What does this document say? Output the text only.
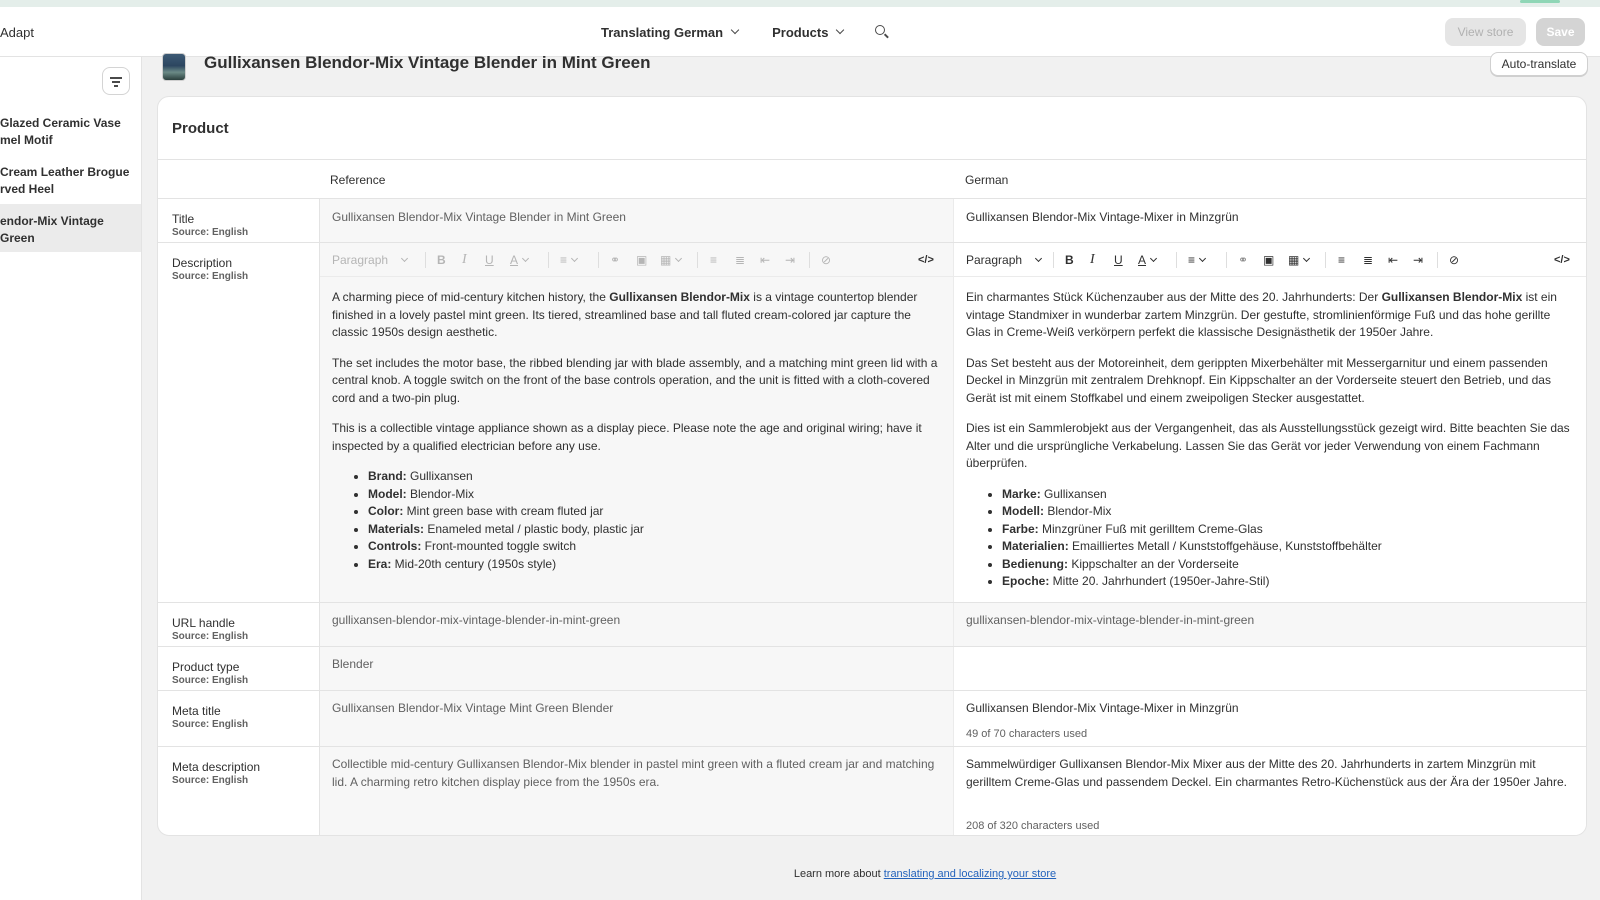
Adapt	Translating German	Products	View store	Save
Glazed Ceramic Vase
mel Motif
Cream Leather Brogue
rved Heel
endor-Mix Vintage
Green
Gullixansen Blendor-Mix Vintage Blender in Mint Green	Auto-translate
Product
Reference	German
Title
Source: English
Gullixansen Blendor-Mix Vintage Blender in Mint Green	Gullixansen Blendor-Mix Vintage-Mixer in Minzgrün
Description
Source: English
Paragraph	B I U A	≡	⚭ ▣ ▦	≡ ≣ ⇤ ⇥ ⊘	</>

A charming piece of mid-century kitchen history, the Gullixansen Blendor-Mix is a vintage countertop blender finished in a lovely pastel mint green. Its tiered, streamlined base and tall fluted cream-colored jar capture the classic 1950s design aesthetic.

The set includes the motor base, the ribbed blending jar with blade assembly, and a matching mint green lid with a central knob. A toggle switch on the front of the base controls operation, and the unit is fitted with a cloth-covered cord and a two-pin plug.

This is a collectible vintage appliance shown as a display piece. Please note the age and original wiring; have it inspected by a qualified electrician before any use.

• Brand: Gullixansen
• Model: Blendor-Mix
• Color: Mint green base with cream fluted jar
• Materials: Enameled metal / plastic body, plastic jar
• Controls: Front-mounted toggle switch
• Era: Mid-20th century (1950s style)
Paragraph	B I U A	≡	⚭ ▣ ▦	≡ ≣ ⇤ ⇥ ⊘	</>

Ein charmantes Stück Küchenzauber aus der Mitte des 20. Jahrhunderts: Der Gullixansen Blendor-Mix ist ein vintage Standmixer in wunderbar zartem Minzgrün. Der gestufte, stromlinienförmige Fuß und das hohe gerillte Glas in Creme-Weiß verkörpern perfekt die klassische Designästhetik der 1950er Jahre.

Das Set besteht aus der Motoreinheit, dem gerippten Mixerbehälter mit Messergarnitur und einem passenden Deckel in Minzgrün mit zentralem Drehknopf. Ein Kippschalter an der Vorderseite steuert den Betrieb, und das Gerät ist mit einem Stoffkabel und einem zweipoligen Stecker ausgestattet.

Dies ist ein Sammlerobjekt aus der Vergangenheit, das als Ausstellungsstück gezeigt wird. Bitte beachten Sie das Alter und die ursprüngliche Verkabelung. Lassen Sie das Gerät vor jeder Verwendung von einem Fachmann überprüfen.

• Marke: Gullixansen
• Modell: Blendor-Mix
• Farbe: Minzgrüner Fuß mit gerilltem Creme-Glas
• Materialien: Emailliertes Metall / Kunststoffgehäuse, Kunststoffbehälter
• Bedienung: Kippschalter an der Vorderseite
• Epoche: Mitte 20. Jahrhundert (1950er-Jahre-Stil)
URL handle
Source: English
gullixansen-blendor-mix-vintage-blender-in-mint-green	gullixansen-blendor-mix-vintage-blender-in-mint-green
Product type
Source: English
Blender
Meta title
Source: English
Gullixansen Blendor-Mix Vintage Mint Green Blender	Gullixansen Blendor-Mix Vintage-Mixer in Minzgrün
49 of 70 characters used
Meta description
Source: English
Collectible mid-century Gullixansen Blendor-Mix blender in pastel mint green with a fluted cream jar and matching lid. A charming retro kitchen display piece from the 1950s era.
Sammelwürdiger Gullixansen Blendor-Mix Mixer aus der Mitte des 20. Jahrhunderts in zartem Minzgrün mit gerilltem Creme-Glas und passendem Deckel. Ein charmantes Retro-Küchenstück aus der Ära der 1950er Jahre.
208 of 320 characters used
Learn more about translating and localizing your store
